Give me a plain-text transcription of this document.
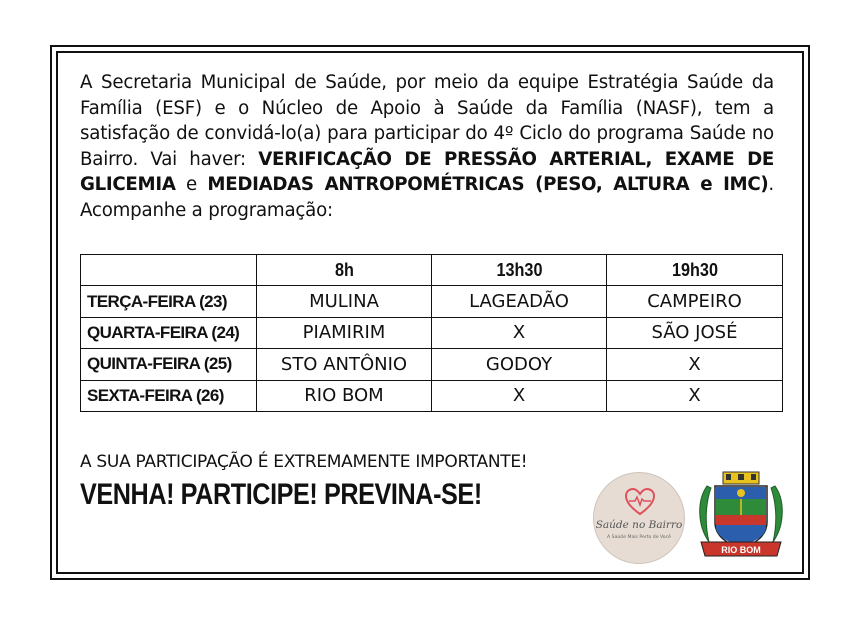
A Secretaria Municipal de Saúde, por meio da equipe Estratégia Saúde da Família (ESF) e o Núcleo de Apoio à Saúde da Família (NASF), tem a satisfação de convidá-lo(a) para participar do 4º Ciclo do programa Saúde no Bairro. Vai haver: VERIFICAÇÃO DE PRESSÃO ARTERIAL, EXAME DE GLICEMIA e MEDIADAS ANTROPOMÉTRICAS (PESO, ALTURA e IMC). Acompanhe a programação:

	8h	13h30	19h30
TERÇA-FEIRA (23)	MULINA	LAGEADÃO	CAMPEIRO
QUARTA-FEIRA (24)	PIAMIRIM	X	SÃO JOSÉ
QUINTA-FEIRA (25)	STO ANTÔNIO	GODOY	X
SEXTA-FEIRA (26)	RIO BOM	X	X

A SUA PARTICIPAÇÃO É EXTREMAMENTE IMPORTANTE!

VENHA! PARTICIPE! PREVINA-SE!

Saúde no Bairro
A Saúde Mais Perto de Você
RIO BOM
